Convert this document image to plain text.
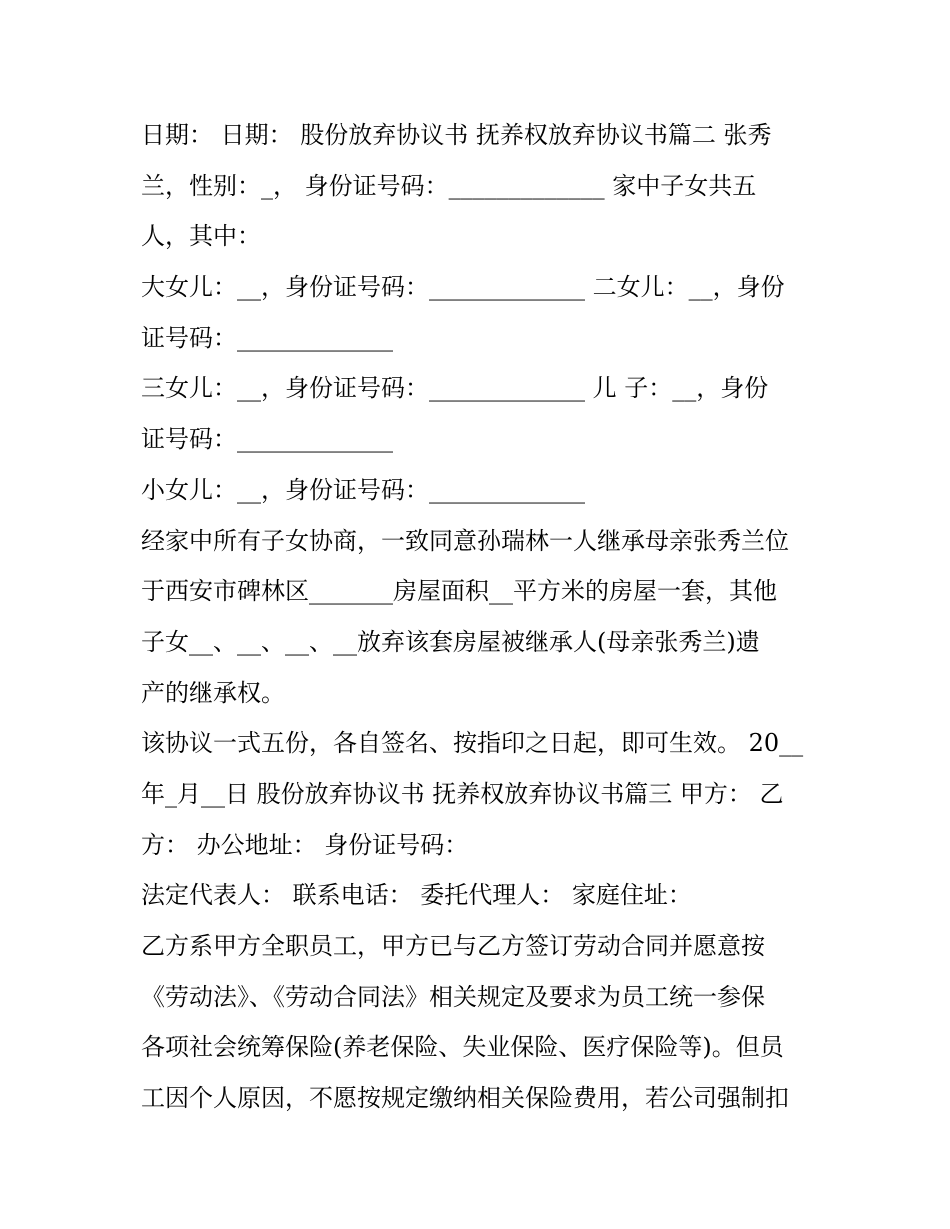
日期： 日期： 股份放弃协议书 抚养权放弃协议书篇二 张秀
兰，性别：_， 身份证号码：_____________ 家中子女共五
人，其中：
大女儿：__，身份证号码：_____________ 二女儿：__，身份
证号码：_____________
三女儿：__，身份证号码：_____________ 儿 子：__，身份
证号码：_____________
小女儿：__，身份证号码：_____________
经家中所有子女协商，一致同意孙瑞林一人继承母亲张秀兰位
于西安市碑林区_______房屋面积__平方米的房屋一套，其他
子女__、__、__、__放弃该套房屋被继承人(母亲张秀兰)遗
产的继承权。
该协议一式五份，各自签名、按指印之日起，即可生效。 20__
年_月__日 股份放弃协议书 抚养权放弃协议书篇三 甲方： 乙
方： 办公地址： 身份证号码：
法定代表人： 联系电话： 委托代理人： 家庭住址：
乙方系甲方全职员工，甲方已与乙方签订劳动合同并愿意按
《劳动法》、《劳动合同法》相关规定及要求为员工统一参保
各项社会统筹保险(养老保险、失业保险、医疗保险等)。但员
工因个人原因，不愿按规定缴纳相关保险费用，若公司强制扣
